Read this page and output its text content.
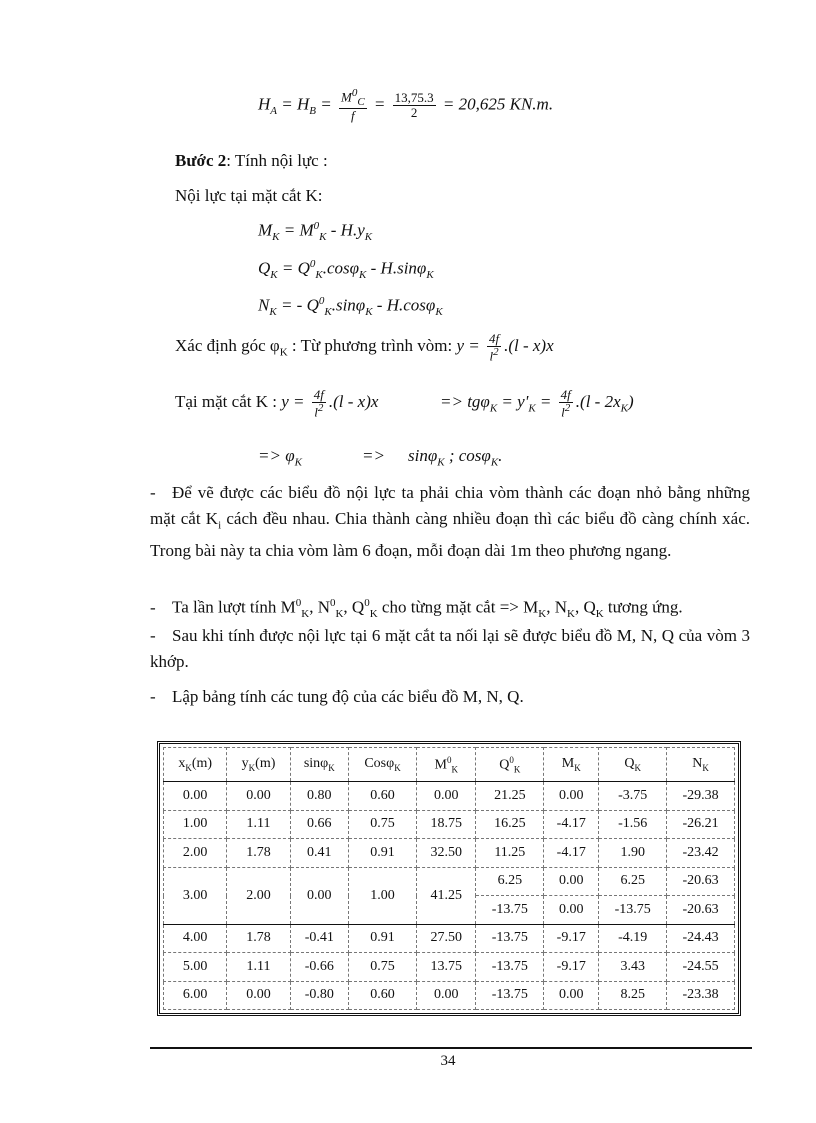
$H_A = H_B = \frac{M^0_C}{f} = \frac{13,75.3}{2} = 20,625$ KN.m.
Bước 2: Tính nội lực :
Nội lực tại mặt cắt K:
$M_K = M^0_K - H.y_K$
$Q_K = Q^0_K.\cos\varphi_K - H.\sin\varphi_K$
$N_K$ = - $Q^0_K.\sin\varphi_K - H.\cos\varphi_K$
Xác định góc $\varphi_K$ : Từ phương trình vòm: $y = \frac{4f}{l^2} .(l - x)x$
Tại mặt cắt K : $y = \frac{4f}{l^2} .(l - x)x$	=> $tg\varphi_K = y'_K = \frac{4f}{l^2} .(l - 2x_K)$
=> $\varphi_K$	=> sinφ$_K$ ; cosφ$_K$.
- Để vẽ được các biểu đồ nội lực ta phải chia vòm thành các đoạn nhỏ bằng những mặt cắt $K_i$ cách đều nhau. Chia thành càng nhiều đoạn thì các biểu đồ càng chính xác. Trong bài này ta chia vòm làm 6 đoạn, mỗi đoạn dài 1m theo phương ngang.
- Ta lần lượt tính $M^0_K$, $N^0_K$, $Q^0_K$ cho từng mặt cắt => $M_K$, $N_K$, $Q_K$ tương ứng.
- Sau khi tính được nội lực tại 6 mặt cắt ta nối lại sẽ được biểu đồ M, N, Q của vòm 3 khớp.
- Lập bảng tính các tung độ của các biểu đồ M, N, Q.
$x_K(m)$	$y_K(m)$	sinφ$_K$	Cosφ$_K$	$M^0_K$	$Q^0_K$	$M_K$	$Q_K$	$N_K$
0.00	0.00	0.80	0.60	0.00	21.25	0.00	-3.75	-29.38
1.00	1.11	0.66	0.75	18.75	16.25	-4.17	-1.56	-26.21
2.00	1.78	0.41	0.91	32.50	11.25	-4.17	1.90	-23.42
3.00	2.00	0.00	1.00	41.25	6.25	0.00	6.25	-20.63
					-13.75	0.00	-13.75	-20.63
4.00	1.78	-0.41	0.91	27.50	-13.75	-9.17	-4.19	-24.43
5.00	1.11	-0.66	0.75	13.75	-13.75	-9.17	3.43	-24.55
6.00	0.00	-0.80	0.60	0.00	-13.75	0.00	8.25	-23.38
34
